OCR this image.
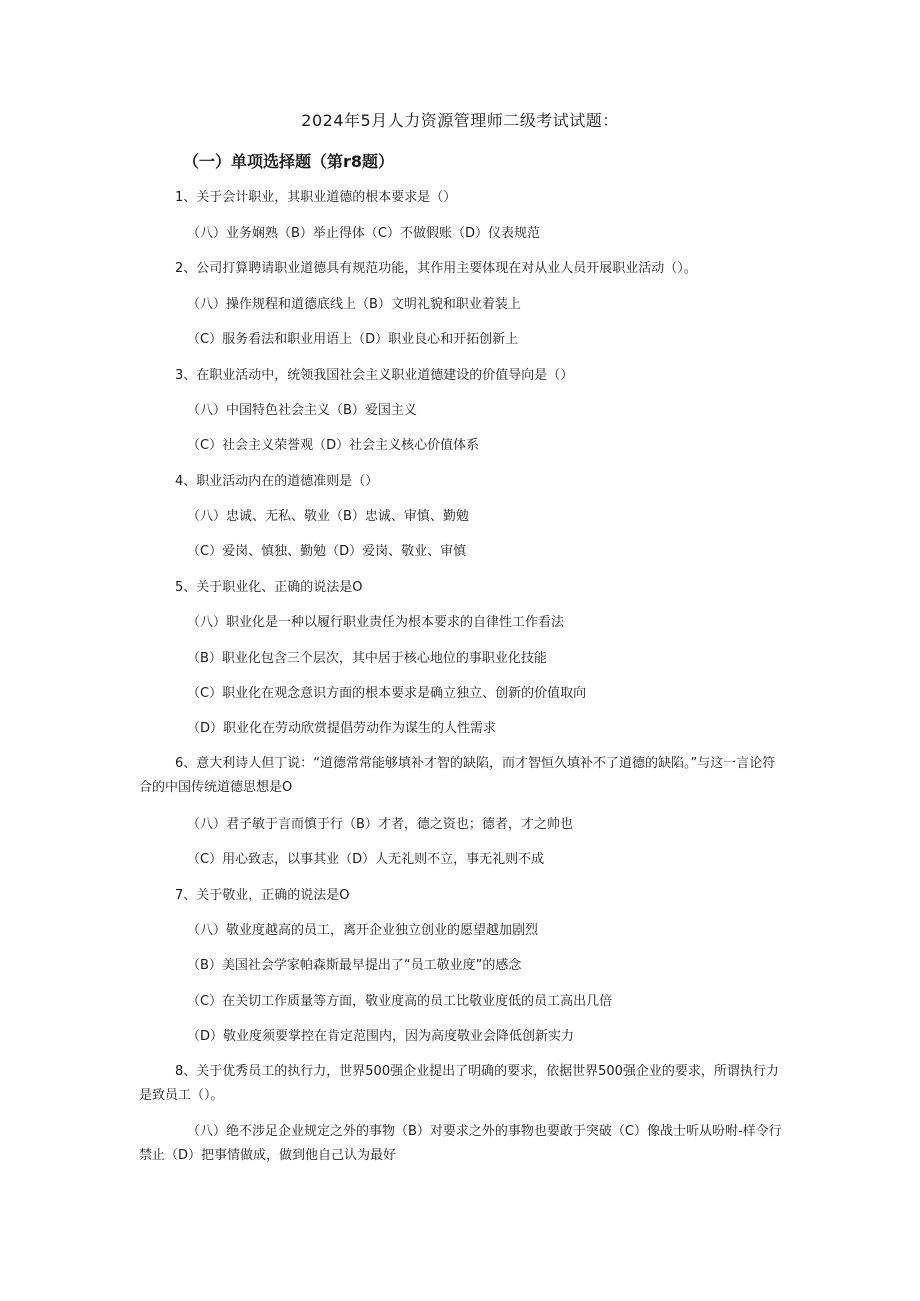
2024年5月人力资源管理师二级考试试题：
（一）单项选择题（第r8题）
1、关于会计职业，其职业道德的根本要求是（）
（八）业务娴熟（B）举止得体（C）不做假账（D）仪表规范
2、公司打算聘请职业道德具有规范功能，其作用主要体现在对从业人员开展职业活动（）。
（八）操作规程和道德底线上（B）文明礼貌和职业着装上
（C）服务看法和职业用语上（D）职业良心和开拓创新上
3、在职业活动中，统领我国社会主义职业道德建设的价值导向是（）
（八）中国特色社会主义（B）爱国主义
（C）社会主义荣誉观（D）社会主义核心价值体系
4、职业活动内在的道德准则是（）
（八）忠诚、无私、敬业（B）忠诚、审慎、勤勉
（C）爱岗、慎独、勤勉（D）爱岗、敬业、审慎
5、关于职业化、正确的说法是O
（八）职业化是一种以履行职业责任为根本要求的自律性工作看法
（B）职业化包含三个层次，其中居于核心地位的事职业化技能
（C）职业化在观念意识方面的根本要求是确立独立、创新的价值取向
（D）职业化在劳动欣赏提倡劳动作为谋生的人性需求
6、意大利诗人但丁说：“道德常常能够填补才智的缺陷，而才智恒久填补不了道德的缺陷。”与这一言论符合的中国传统道德思想是O
（八）君子敏于言而慎于行（B）才者，德之资也；德者，才之帅也
（C）用心致志，以事其业（D）人无礼则不立，事无礼则不成
7、关于敬业，正确的说法是O
（八）敬业度越高的员工，离开企业独立创业的愿望越加剧烈
（B）美国社会学家帕森斯最早提出了“员工敬业度”的感念
（C）在关切工作质量等方面，敬业度高的员工比敬业度低的员工高出几倍
（D）敬业度须要掌控在肯定范围内，因为高度敬业会降低创新实力
8、关于优秀员工的执行力，世界500强企业提出了明确的要求，依据世界500强企业的要求，所谓执行力是致员工（）。
（八）绝不涉足企业规定之外的事物（B）对要求之外的事物也要敢于突破（C）像战士听从吩咐-样令行禁止（D）把事情做成，做到他自己认为最好
